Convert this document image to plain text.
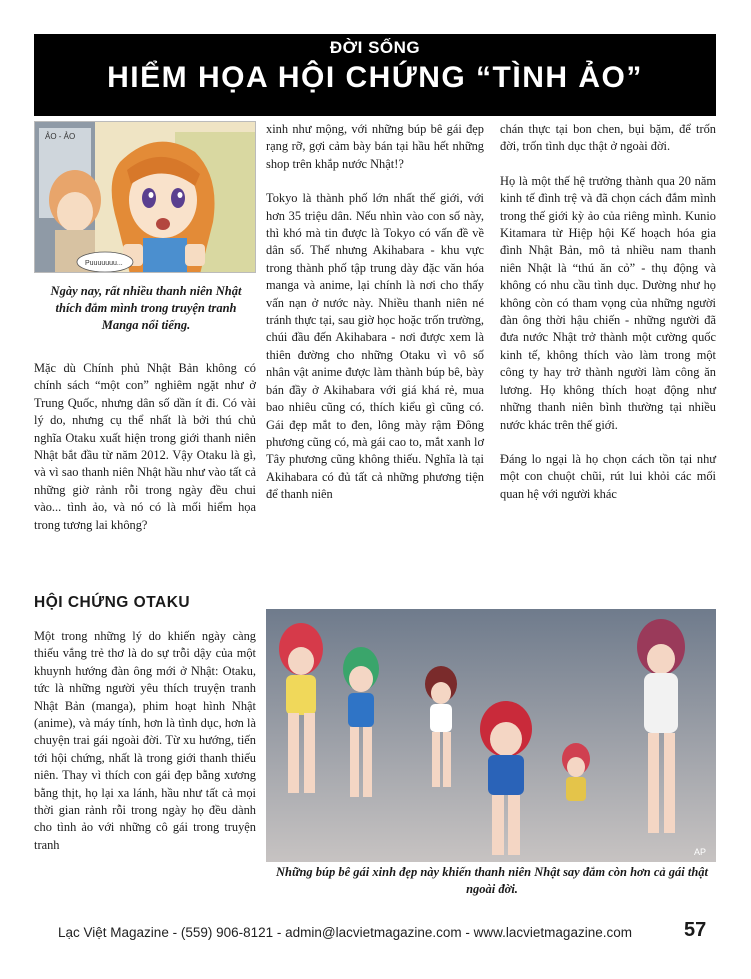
ĐỜI SỐNG
HIỂM HỌA HỘI CHỨNG “TÌNH ẢO”
Puuuuuuu...
ẢO - ẢO
Ngày nay, rất nhiều thanh niên Nhật thích đắm mình trong truyện tranh Manga nổi tiếng.

Mặc dù Chính phủ Nhật Bản không có chính sách “một con” nghiêm ngặt như ở Trung Quốc, nhưng dân số dần ít đi. Có vài lý do, nhưng cụ thể nhất là bởi thú chủ nghĩa Otaku xuất hiện trong giới thanh niên Nhật bắt đầu từ năm 2012. Vậy Otaku là gì, và vì sao thanh niên Nhật hầu như vào tất cả những giờ rảnh rỗi trong ngày đều chui vào... tình ảo, và nó có là mối hiểm họa trong tương lai không?

HỘI CHỨNG OTAKU

Một trong những lý do khiến ngày càng thiếu vắng trẻ thơ là do sự trỗi dậy của một khuynh hướng đàn ông mới ở Nhật: Otaku, tức là những người yêu thích truyện tranh Nhật Bản (manga), phim hoạt hình Nhật (anime), và máy tính, hơn là tình dục, hơn là chuyện trai gái ngoài đời. Từ xu hướng, tiến tới hội chứng, nhất là trong giới thanh thiếu niên. Thay vì thích con gái đẹp bằng xương bằng thịt, họ lại xa lánh, hầu như tất cả mọi thời gian rảnh rỗi trong ngày họ đều dành cho tình ảo với những cô gái trong truyện tranh

xinh như mộng, với những búp bê gái đẹp rạng rỡ, gợi cảm bày bán tại hầu hết những shop trên khắp nước Nhật!?

Tokyo là thành phố lớn nhất thế giới, với hơn 35 triệu dân. Nếu nhìn vào con số này, thì khó mà tin được là Tokyo có vấn đề về dân số. Thế nhưng Akihabara - khu vực trong thành phố tập trung dày đặc văn hóa manga và anime, lại chính là nơi cho thấy vấn nạn ở nước này. Nhiều thanh niên né tránh thực tại, sau giờ học hoặc trốn trường, chúi đầu đến Akihabara - nơi được xem là thiên đường cho những Otaku vì vô số nhân vật anime được làm thành búp bê, bày bán đầy ở Akihabara với giá khá rẻ, mua bao nhiêu cũng có, thích kiểu gì cũng có. Gái đẹp mắt to đen, lông mày rậm Đông phương cũng có, mà gái cao to, mắt xanh lơ Tây phương cũng không thiếu. Nghĩa là tại Akihabara có đủ tất cả những phương tiện để thanh niên

chán thực tại bon chen, bụi bặm, để trốn đời, trốn tình dục thật ở ngoài đời.

Họ là một thế hệ trưởng thành qua 20 năm kinh tế đình trệ và đã chọn cách đắm mình trong thế giới kỳ ảo của riêng mình. Kunio Kitamara từ Hiệp hội Kế hoạch hóa gia đình Nhật Bản, mô tả nhiều nam thanh niên Nhật là “thú ăn cỏ” - thụ động và không có nhu cầu tình dục. Dường như họ không còn có tham vọng của những người đàn ông thời hậu chiến - những người đã đưa nước Nhật trở thành một cường quốc kinh tế, không thích vào làm trong một công ty hay trở thành người làm công ăn lương. Họ không thích hoạt động như những thanh niên bình thường tại nhiều nước khác trên thế giới.

Đáng lo ngại là họ chọn cách tồn tại như một con chuột chũi, rút lui khỏi các mối quan hệ với người khác

AP
Những búp bê gái xinh đẹp này khiến thanh niên Nhật say đắm còn hơn cả gái thật ngoài đời.
Lạc Việt Magazine - (559) 906-8121 - admin@lacvietmagazine.com - www.lacvietmagazine.com	57
